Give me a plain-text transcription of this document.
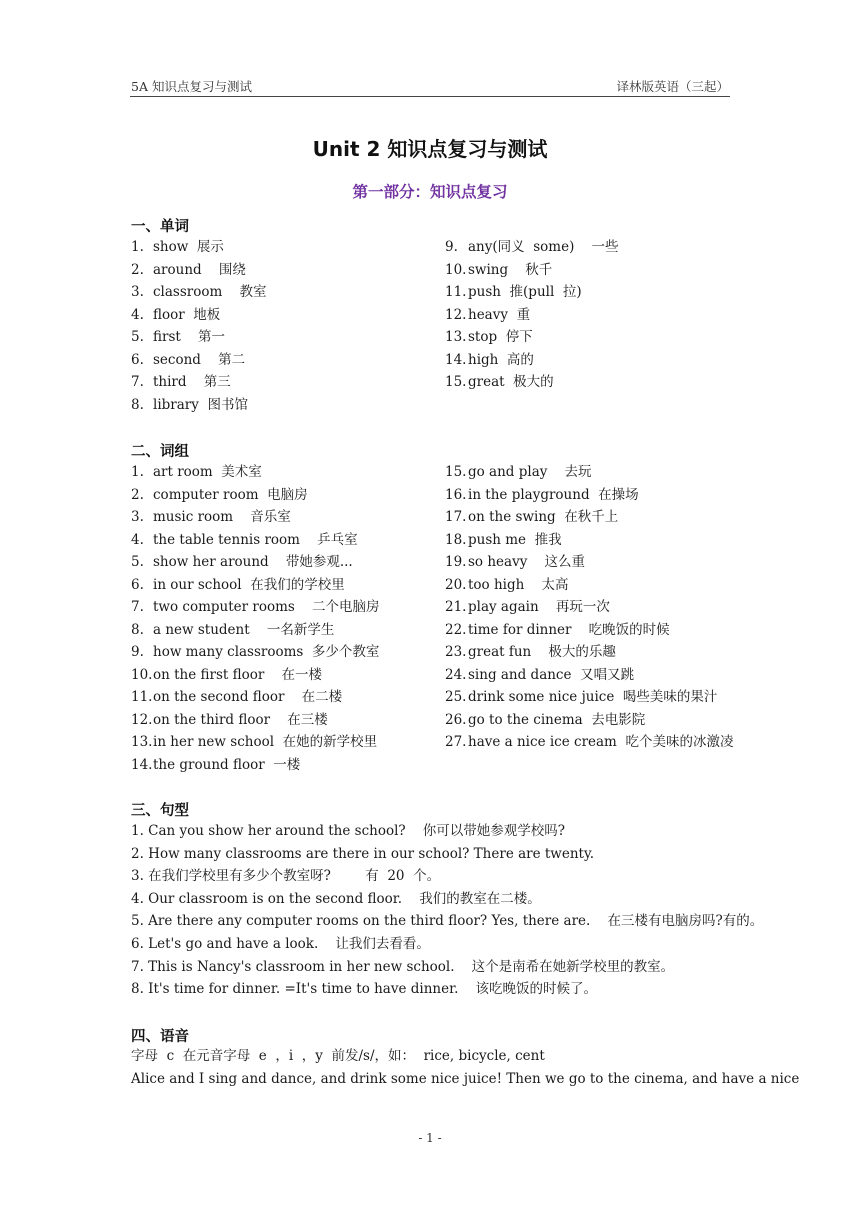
5A 知识点复习与测试	译林版英语（三起）
Unit 2 知识点复习与测试
第一部分：知识点复习
一、单词
1. show  展示
2. around    围绕
3. classroom    教室
4. floor  地板
5. first    第一
6. second    第二
7. third    第三
8. library  图书馆
9. any(同义  some)    一些
10. swing    秋千
11. push  推(pull  拉)
12. heavy  重
13. stop  停下
14. high  高的
15. great  极大的
二、词组
1. art room  美术室
2. computer room  电脑房
3. music room    音乐室
4. the table tennis room    乒乓室
5. show her around    带她参观...
6. in our school  在我们的学校里
7. two computer rooms    二个电脑房
8. a new student    一名新学生
9. how many classrooms  多少个教室
10.on the first floor    在一楼
11.on the second floor    在二楼
12.on the third floor    在三楼
13.in her new school  在她的新学校里
14.the ground floor  一楼
15. go and play    去玩
16. in the playground  在操场
17. on the swing  在秋千上
18. push me  推我
19. so heavy    这么重
20. too high    太高
21. play again    再玩一次
22. time for dinner    吃晚饭的时候
23. great fun    极大的乐趣
24. sing and dance  又唱又跳
25. drink some nice juice  喝些美味的果汁
26. go to the cinema  去电影院
27. have a nice ice cream  吃个美味的冰激凌
三、句型
1. Can you show her around the school?    你可以带她参观学校吗?
2. How many classrooms are there in our school? There are twenty.
3. 在我们学校里有多少个教室呀?        有  20  个。
4. Our classroom is on the second floor.    我们的教室在二楼。
5. Are there any computer rooms on the third floor? Yes, there are.    在三楼有电脑房吗?有的。
6. Let's go and have a look.    让我们去看看。
7. This is Nancy's classroom in her new school.    这个是南希在她新学校里的教室。
8. It's time for dinner. =It's time to have dinner.    该吃晚饭的时候了。
四、语音
字母  c  在元音字母  e  ，i  ，y  前发/s/，如：  rice, bicycle, cent
Alice and I sing and dance, and drink some nice juice! Then we go to the cinema, and have a nice
- 1 -
